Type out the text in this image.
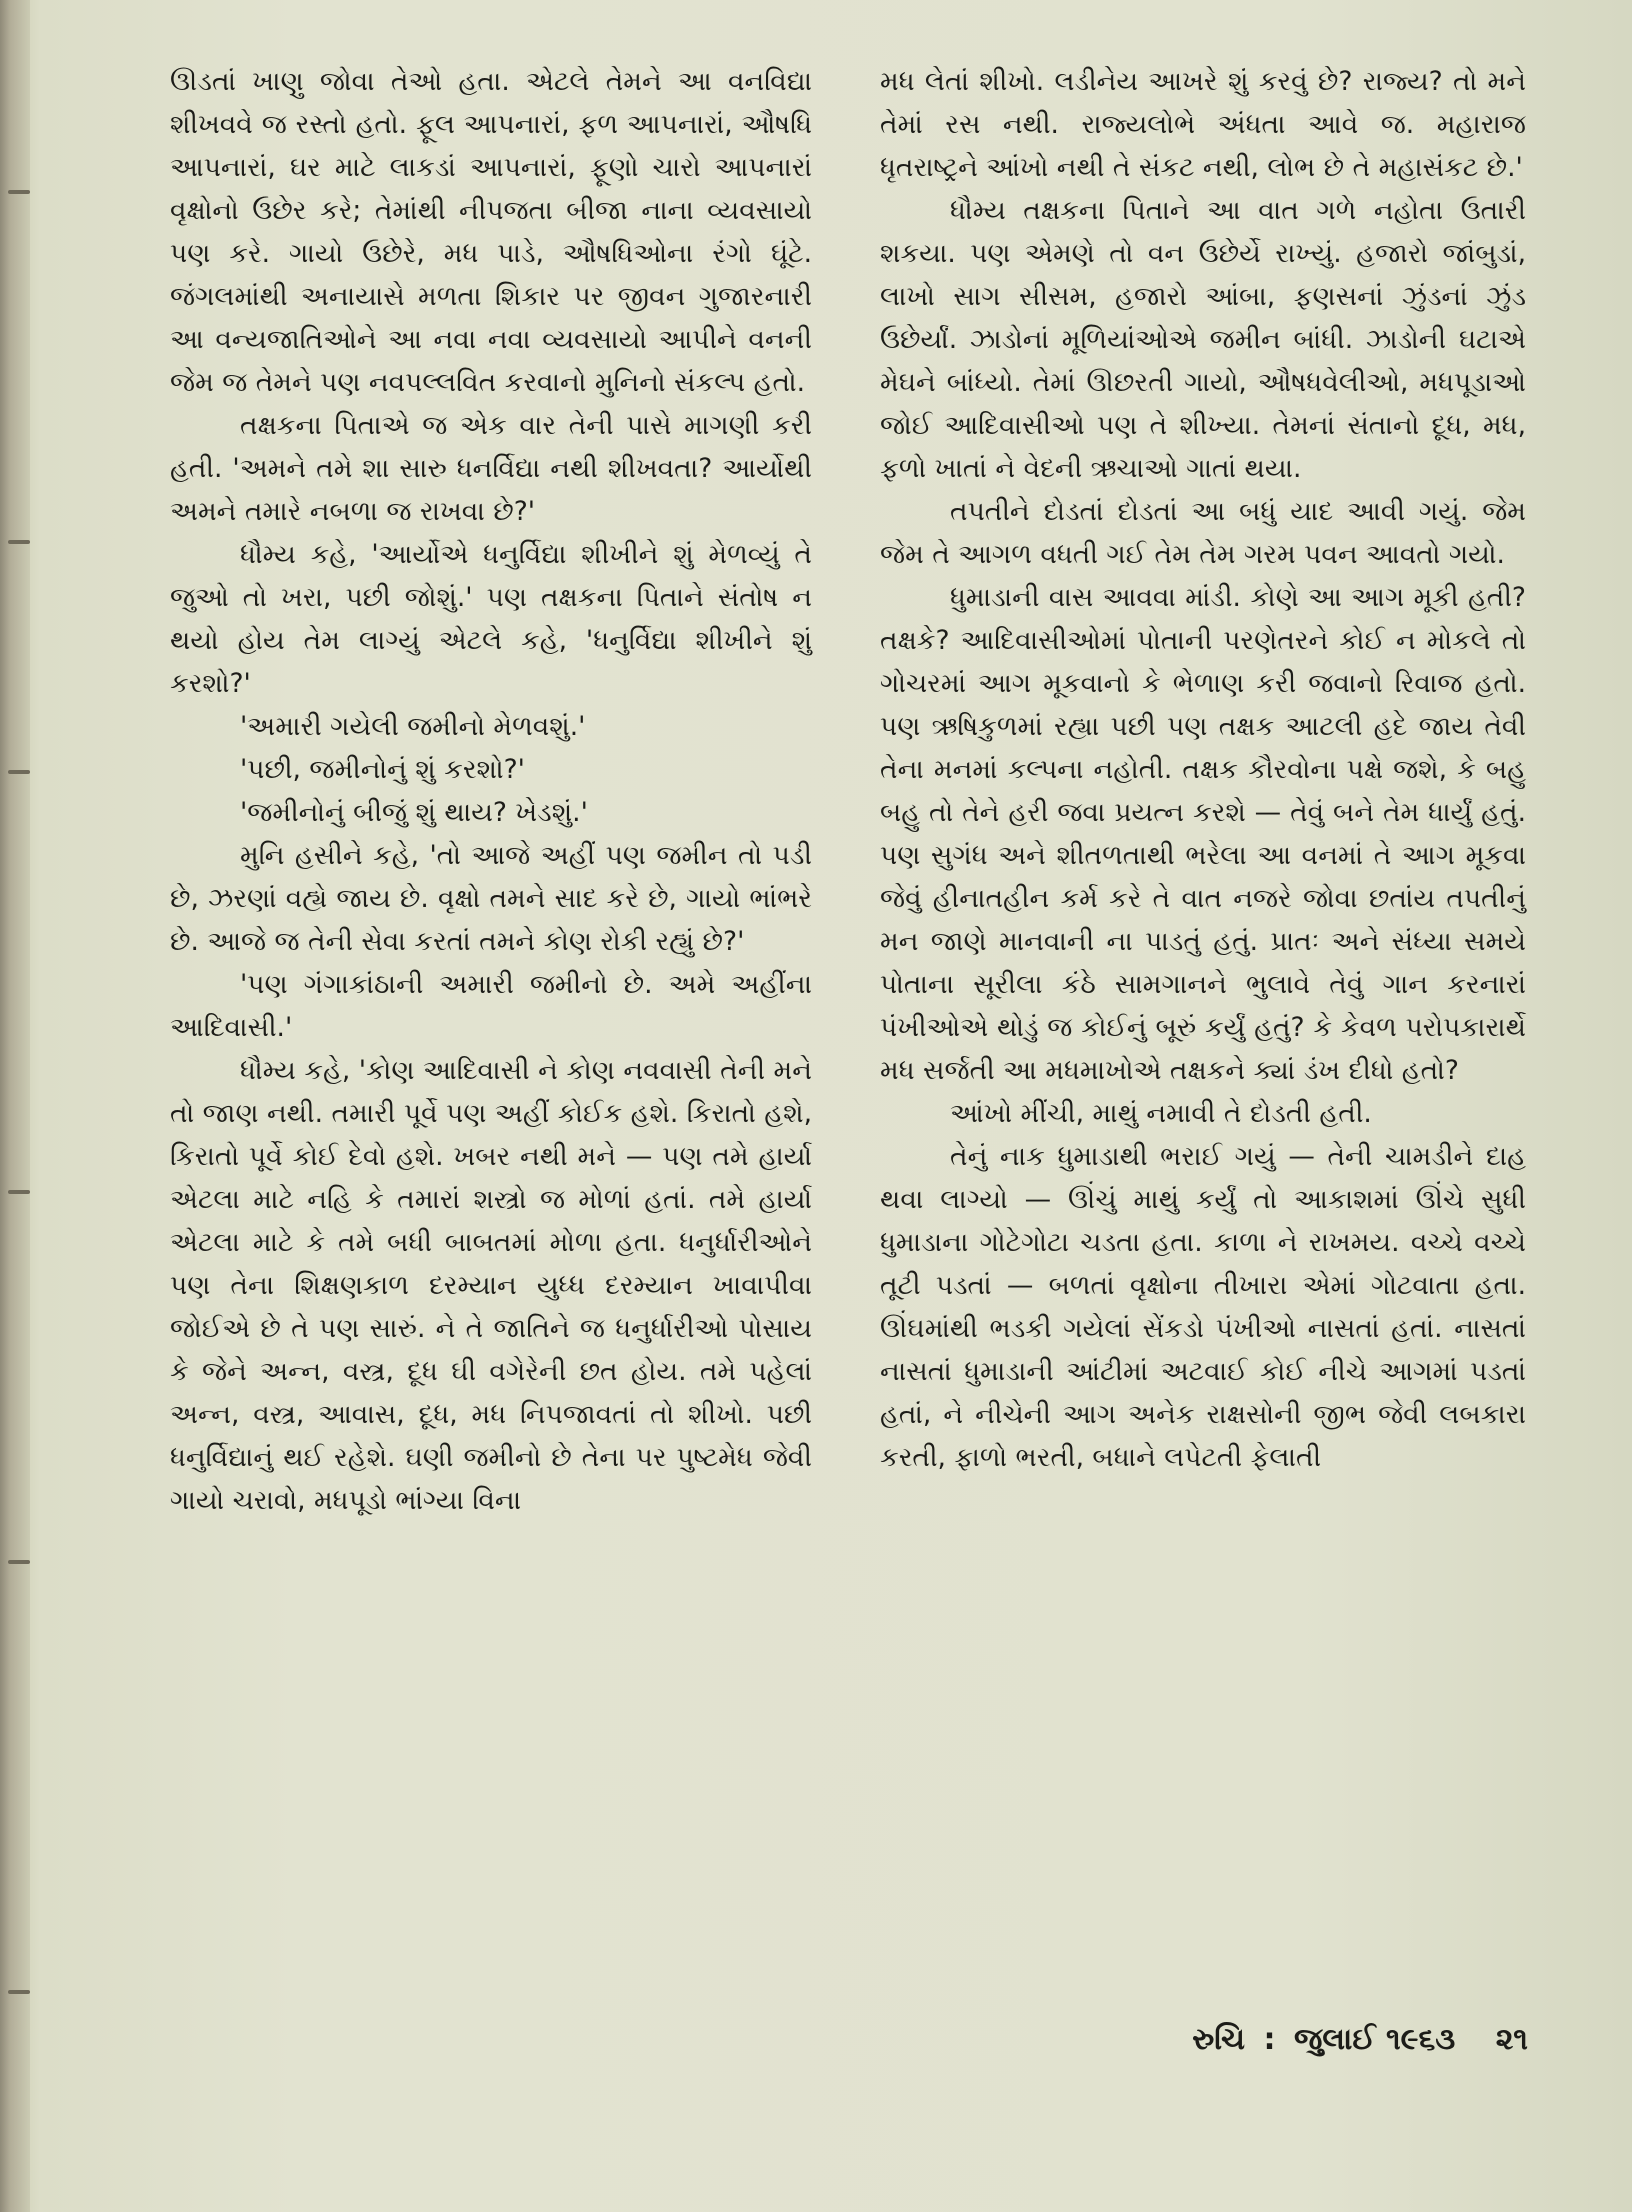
ઊડતાં ખાણુ જોવા તેઓ હતા. એટલે તેમને આ વનવિદ્યા શીખવવે જ રસ્તો હતો. ફૂલ આપનારાં, ફળ આપનારાં, ઔષધિ આપનારાં, ઘર માટે લાકડાં આપનારાં, ફૂણો ચારો આપનારાં વૃક્ષોનો ઉછેર કરે; તેમાંથી નીપજતા બીજા નાના વ્યવસાયો પણ કરે. ગાયો ઉછેરે, મધ પાડે, ઔષધિઓના રંગો ઘૂંટે. જંગલમાંથી અનાયાસે મળતા શિકાર પર જીવન ગુજારનારી આ વન્યજાતિઓને આ નવા નવા વ્યવસાયો આપીને વનની જેમ જ તેમને પણ નવપલ્લવિત કરવાનો મુનિનો સંકલ્પ હતો.

તક્ષકના પિતાએ જ એક વાર તેની પાસે માગણી કરી હતી. 'અમને તમે શા સારુ ધનર્વિદ્યા નથી શીખવતા? આર્યોથી અમને તમારે નબળા જ રાખવા છે?'

ધૌમ્ય કહે, 'આર્યોએ ધનુર્વિદ્યા શીખીને શું મેળવ્યું તે જુઓ તો ખરા, પછી જોશું.' પણ તક્ષકના પિતાને સંતોષ ન થયો હોય તેમ લાગ્યું એટલે કહે, 'ધનુર્વિદ્યા શીખીને શું કરશો?'

'અમારી ગયેલી જમીનો મેળવશું.'

'પછી, જમીનોનું શું કરશો?'

'જમીનોનું બીજું શું થાય? ખેડશું.'

મુનિ હસીને કહે, 'તો આજે અહીં પણ જમીન તો પડી છે, ઝરણાં વહ્યે જાય છે. વૃક્ષો તમને સાદ કરે છે, ગાયો ભાંભરે છે. આજે જ તેની સેવા કરતાં તમને કોણ રોકી રહ્યું છે?'

'પણ ગંગાકાંઠાની અમારી જમીનો છે. અમે અહીંના આદિવાસી.'

ધૌમ્ય કહે, 'કોણ આદિવાસી ને કોણ નવવાસી તેની મને તો જાણ નથી. તમારી પૂર્વે પણ અહીં કોઈક હશે. કિરાતો હશે, કિરાતો પૂર્વે કોઈ દેવો હશે. ખબર નથી મને — પણ તમે હાર્યા એટલા માટે નહિ કે તમારાં શસ્ત્રો જ મોળાં હતાં. તમે હાર્યા એટલા માટે કે તમે બધી બાબતમાં મોળા હતા. ધનુર્ધારીઓને પણ તેના શિક્ષણકાળ દરમ્યાન યુધ્ધ દરમ્યાન ખાવાપીવા જોઈએ છે તે પણ સારું. ને તે જાતિને જ ધનુર્ધારીઓ પોસાય કે જેને અન્ન, વસ્ત્ર, દૂધ ઘી વગેરેની છત હોય. તમે પહેલાં અન્ન, વસ્ત્ર, આવાસ, દૂધ, મધ નિપજાવતાં તો શીખો. પછી ધનુર્વિદ્યાનું થઈ રહેશે. ઘણી જમીનો છે તેના પર પુષ્ટમેધ જેવી ગાયો ચરાવો, મધપૂડો ભાંગ્યા વિના

મધ લેતાં શીખો. લડીનેય આખરે શું કરવું છે? રાજ્ય? તો મને તેમાં રસ નથી. રાજ્યલોભે અંધતા આવે જ. મહારાજ ધૃતરાષ્ટ્રને આંખો નથી તે સંકટ નથી, લોભ છે તે મહાસંકટ છે.'

ધૌમ્ય તક્ષકના પિતાને આ વાત ગળે નહોતા ઉતારી શકયા. પણ એમણે તો વન ઉછેર્યે રાખ્યું. હજારો જાંબુડાં, લાખો સાગ સીસમ, હજારો આંબા, ફણસનાં ઝુંડનાં ઝુંડ ઉછેર્યાં. ઝાડોનાં મૂળિયાંઓએ જમીન બાંધી. ઝાડોની ઘટાએ મેઘને બાંધ્યો. તેમાં ઊછરતી ગાયો, ઔષધવેલીઓ, મધપૂડાઓ જોઈ આદિવાસીઓ પણ તે શીખ્યા. તેમનાં સંતાનો દૂધ, મધ, ફળો ખાતાં ને વેદની ઋચાઓ ગાતાં થયા.

તપતીને દોડતાં દોડતાં આ બધું યાદ આવી ગયું. જેમ જેમ તે આગળ વધતી ગઈ તેમ તેમ ગરમ પવન આવતો ગયો.

ધુમાડાની વાસ આવવા માંડી. કોણે આ આગ મૂકી હતી? તક્ષકે? આદિવાસીઓમાં પોતાની પરણેતરને કોઈ ન મોકલે તો ગોચરમાં આગ મૂકવાનો કે ભેળાણ કરી જવાનો રિવાજ હતો. પણ ઋષિકુળમાં રહ્યા પછી પણ તક્ષક આટલી હદે જાય તેવી તેના મનમાં કલ્પના નહોતી. તક્ષક કૌરવોના પક્ષે જશે, કે બહુ બહુ તો તેને હરી જવા પ્રયત્ન કરશે — તેવું બને તેમ ધાર્યું હતું. પણ સુગંધ અને શીતળતાથી ભરેલા આ વનમાં તે આગ મૂકવા જેવું હીનાતહીન કર્મ કરે તે વાત નજરે જોવા છતાંય તપતીનું મન જાણે માનવાની ના પાડતું હતું. પ્રાતઃ અને સંધ્યા સમયે પોતાના સૂરીલા કંઠે સામગાનને ભુલાવે તેવું ગાન કરનારાં પંખીઓએ થોડું જ કોઈનું બૂરું કર્યું હતું? કે કેવળ પરોપકારાર્થે મધ સર્જતી આ મધમાખોએ તક્ષકને ક્યાં ડંખ દીધો હતો?

આંખો મીંચી, માથું નમાવી તે દોડતી હતી.

તેનું નાક ધુમાડાથી ભરાઈ ગયું — તેની ચામડીને દાહ થવા લાગ્યો — ઊંચું માથું કર્યું તો આકાશમાં ઊંચે સુધી ધુમાડાના ગોટેગોટા ચડતા હતા. કાળા ને રાખમય. વચ્ચે વચ્ચે તૂટી પડતાં — બળતાં વૃક્ષોના તીખારા એમાં ગોટવાતા હતા. ઊંઘમાંથી ભડકી ગયેલાં સેંકડો પંખીઓ નાસતાં હતાં. નાસતાં નાસતાં ધુમાડાની આંટીમાં અટવાઈ કોઈ નીચે આગમાં પડતાં હતાં, ને નીચેની આગ અનેક રાક્ષસોની જીભ જેવી લબકારા કરતી, ફાળો ભરતી, બધાને લપેટતી ફેલાતી

રુચિ : જુલાઈ ૧૯૬૩ ૨૧
